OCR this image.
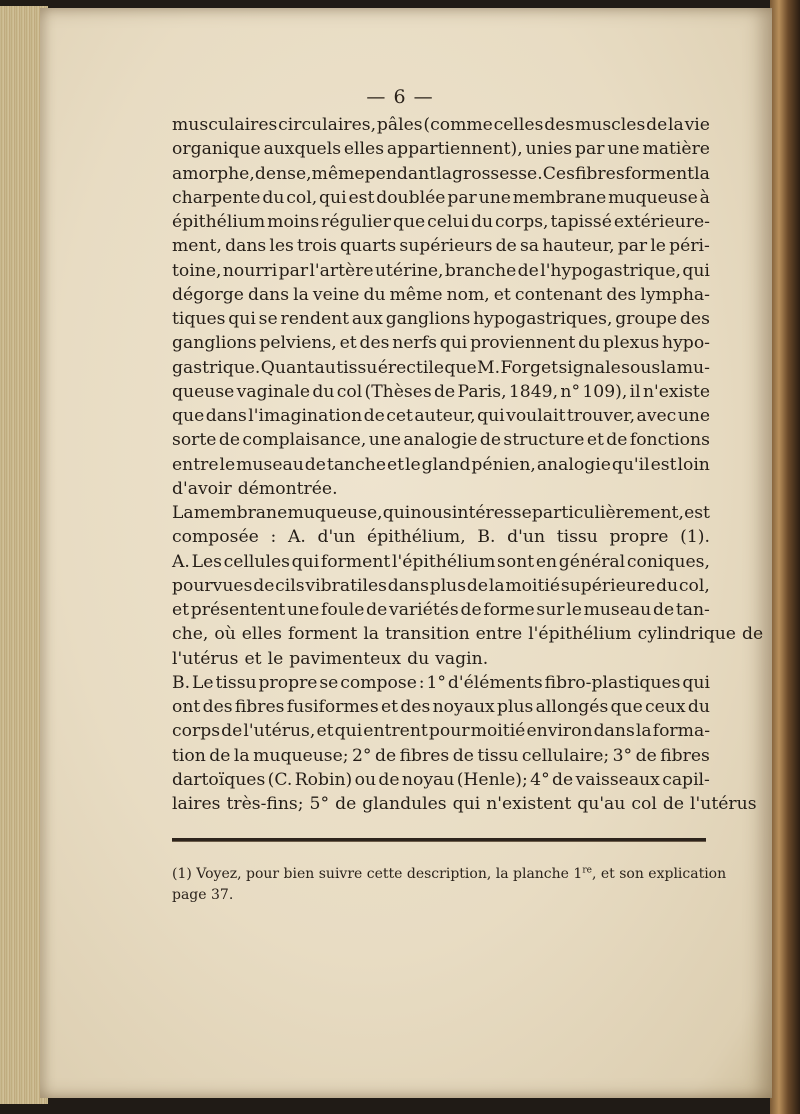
— 6 —
musculaires circulaires, pâles (comme celles des muscles de la vie
organique auxquels elles appartiennent), unies par une matière
amorphe, dense, même pendant la grossesse. Ces fibres forment la
charpente du col, qui est doublée par une membrane muqueuse à
épithélium moins régulier que celui du corps, tapissé extérieure-
ment, dans les trois quarts supérieurs de sa hauteur, par le péri-
toine, nourri par l'artère utérine, branche de l'hypogastrique, qui
dégorge dans la veine du même nom, et contenant des lympha-
tiques qui se rendent aux ganglions hypogastriques, groupe des
ganglions pelviens, et des nerfs qui proviennent du plexus hypo-
gastrique. Quant au tissu érectile que M. Forget signale sous la mu-
queuse vaginale du col (Thèses de Paris, 1849, n° 109), il n'existe
que dans l'imagination de cet auteur, qui voulait trouver, avec une
sorte de complaisance, une analogie de structure et de fonctions
entre le museau de tanche et le gland pénien, analogie qu'il est loin
d'avoir démontrée.
La membrane muqueuse, qui nous intéresse particulièrement, est
composée : A. d'un épithélium, B. d'un tissu propre (1).
A. Les cellules qui forment l'épithélium sont en général coniques,
pourvues de cils vibratiles dans plus de la moitié supérieure du col,
et présentent une foule de variétés de forme sur le museau de tan-
che, où elles forment la transition entre l'épithélium cylindrique de
l'utérus et le pavimenteux du vagin.
B. Le tissu propre se compose : 1° d'éléments fibro-plastiques qui
ont des fibres fusiformes et des noyaux plus allongés que ceux du
corps de l'utérus, et qui entrent pour moitié environ dans la forma-
tion de la muqueuse; 2° de fibres de tissu cellulaire; 3° de fibres
dartoïques (C. Robin) ou de noyau (Henle); 4° de vaisseaux capil-
laires très-fins; 5° de glandules qui n'existent qu'au col de l'utérus
(1) Voyez, pour bien suivre cette description, la planche 1re, et son explication
page 37.
